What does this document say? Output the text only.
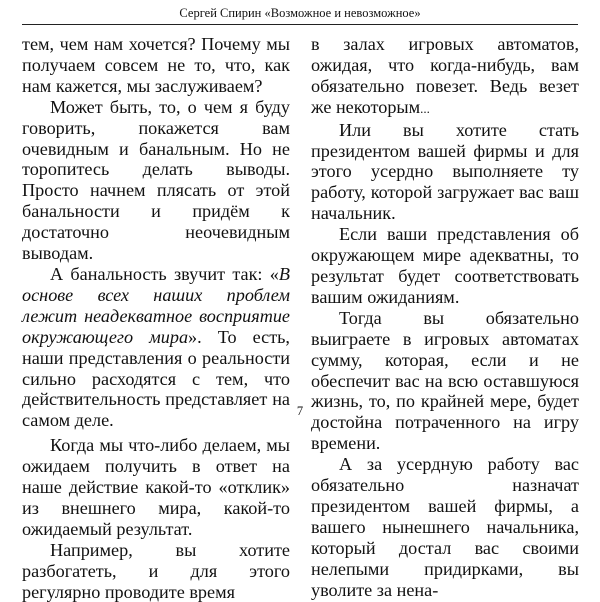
Сергей Спирин «Возможное и невозможное»

тем, чем нам хочется? Почему мы получаем совсем не то, что, как нам кажется, мы заслуживаем?

Может быть, то, о чем я буду говорить, покажется вам очевидным и банальным. Но не торопитесь делать выводы. Просто начнем плясать от этой банальности и придём к достаточно неочевидным выводам.

А банальность звучит так: «В основе всех наших проблем лежит неадекватное восприятие окружающего мира». То есть, наши представления о реальности сильно расходятся с тем, что действительность представляет на самом деле.

Когда мы что-либо делаем, мы ожидаем получить в ответ на наше действие какой-то «отклик» из внешнего мира, какой-то ожидаемый результат.

Например, вы хотите разбогатеть, и для этого регулярно проводите время

в залах игровых автоматов, ожидая, что когда-нибудь, вам обязательно повезет. Ведь везет же некоторым...

Или вы хотите стать президентом вашей фирмы и для этого усердно выполняете ту работу, которой загружает вас ваш начальник.

Если ваши представления об окружающем мире адекватны, то результат будет соответствовать вашим ожиданиям.

Тогда вы обязательно выиграете в игровых автоматах сумму, которая, если и не обеспечит вас на всю оставшуюся жизнь, то, по крайней мере, будет достойна потраченного на игру времени.

А за усердную работу вас обязательно назначат президентом вашей фирмы, а вашего нынешнего начальника, который достал вас своими нелепыми придирками, вы уволите за нена-

7
